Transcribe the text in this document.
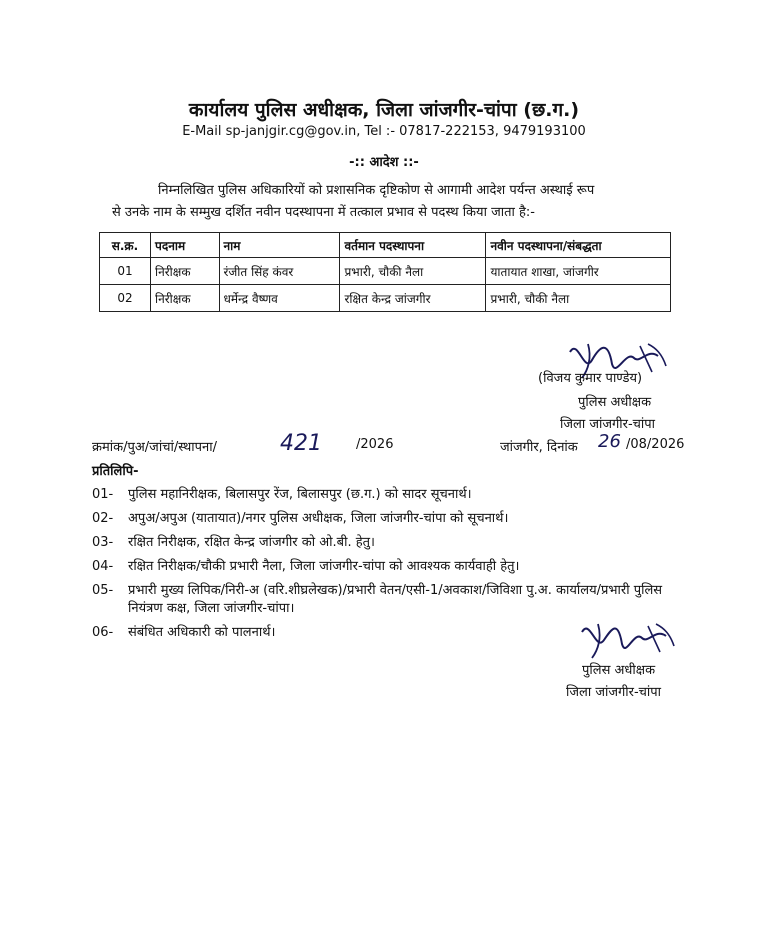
कार्यालय पुलिस अधीक्षक, जिला जांजगीर-चांपा (छ.ग.)
E-Mail sp-janjgir.cg@gov.in, Tel :- 07817-222153, 9479193100
-:: आदेश ::-
निम्नलिखित पुलिस अधिकारियों को प्रशासनिक दृष्टिकोण से आगामी आदेश पर्यन्त अस्थाई रूप
से उनके नाम के सम्मुख दर्शित नवीन पदस्थापना में तत्काल प्रभाव से पदस्थ किया जाता है:-
स.क्र.	पदनाम	नाम	वर्तमान पदस्थापना	नवीन पदस्थापना/संबद्धता
01	निरीक्षक	रंजीत सिंह कंवर	प्रभारी, चौकी नैला	यातायात शाखा, जांजगीर
02	निरीक्षक	धर्मेन्द्र वैष्णव	रक्षित केन्द्र जांजगीर	प्रभारी, चौकी नैला
(विजय कुमार पाण्डेय)
पुलिस अधीक्षक
जिला जांजगीर-चांपा
क्रमांक/पुअ/जांचां/स्थापना/	421	/2026	जांजगीर, दिनांक 26 /08/2026
प्रतिलिपि-
01-	पुलिस महानिरीक्षक, बिलासपुर रेंज, बिलासपुर (छ.ग.) को सादर सूचनार्थ।
02-	अपुअ/अपुअ (यातायात)/नगर पुलिस अधीक्षक, जिला जांजगीर-चांपा को सूचनार्थ।
03-	रक्षित निरीक्षक, रक्षित केन्द्र जांजगीर को ओ.बी. हेतु।
04-	रक्षित निरीक्षक/चौकी प्रभारी नैला, जिला जांजगीर-चांपा को आवश्यक कार्यवाही हेतु।
05-	प्रभारी मुख्य लिपिक/निरी-अ (वरि.शीघ्रलेखक)/प्रभारी वेतन/एसी-1/अवकाश/जिविशा पु.अ. कार्यालय/प्रभारी पुलिस नियंत्रण कक्ष, जिला जांजगीर-चांपा।
06-	संबंधित अधिकारी को पालनार्थ।
पुलिस अधीक्षक
जिला जांजगीर-चांपा
